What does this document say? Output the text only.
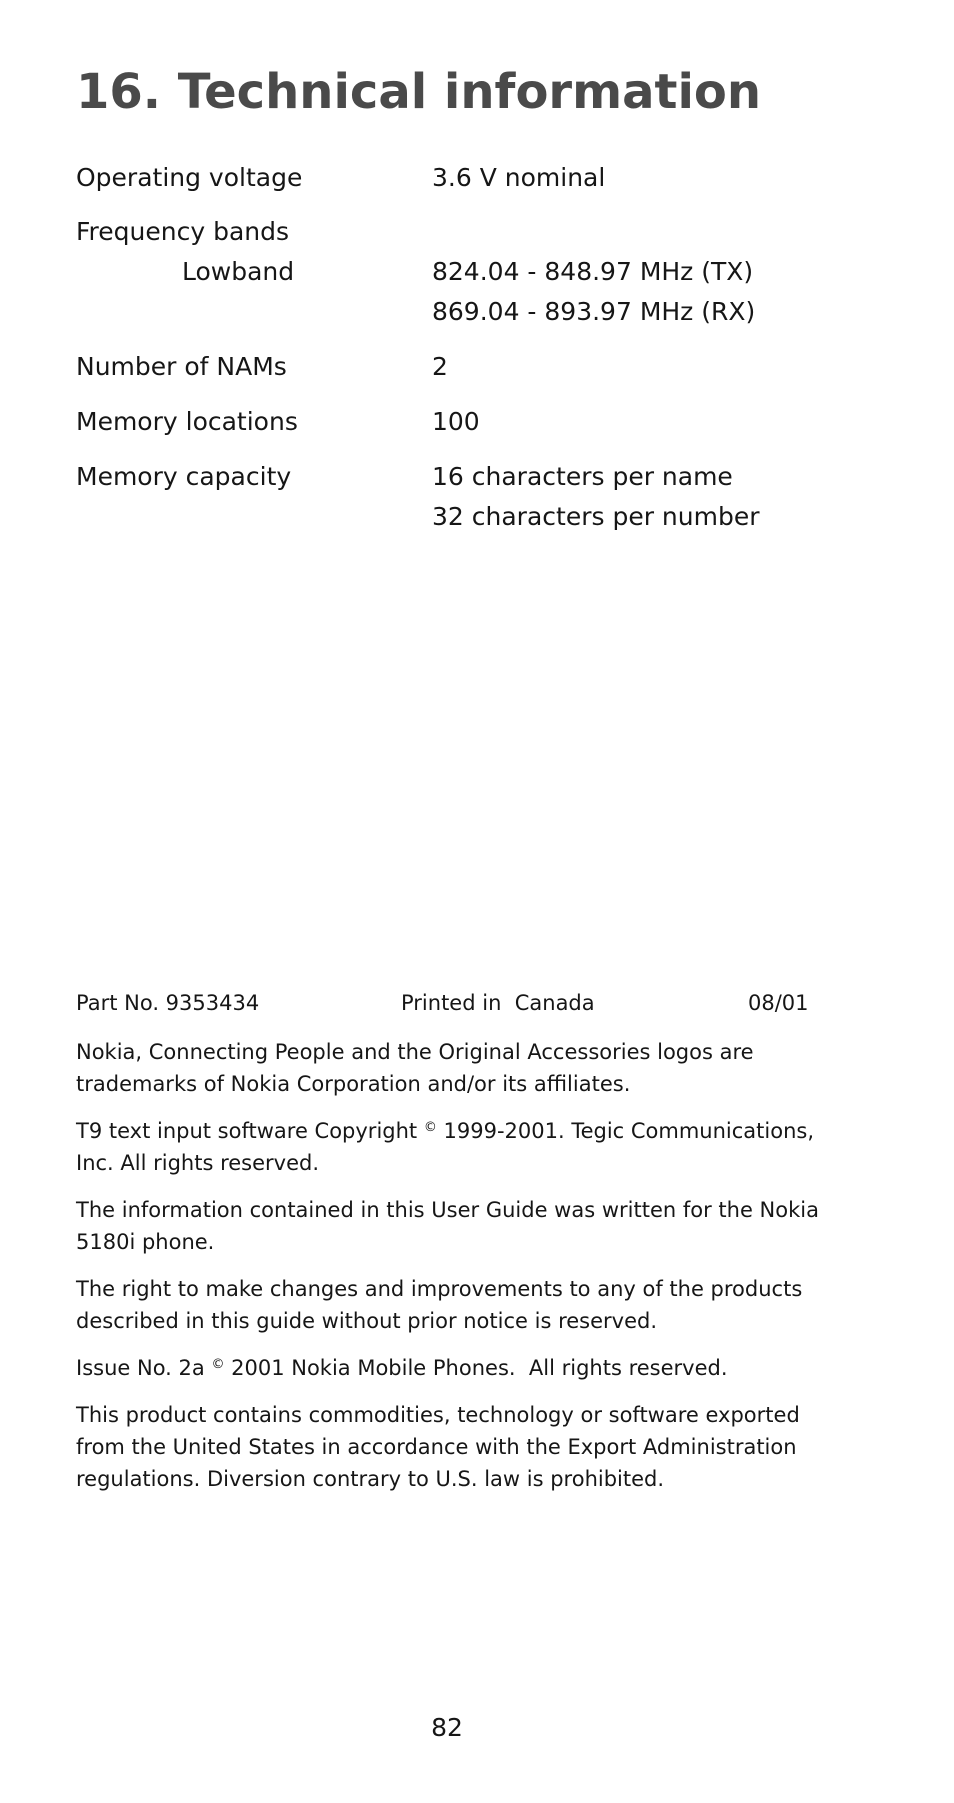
16. Technical information
Operating voltage	3.6 V nominal
Frequency bands
Lowband	824.04 - 848.97 MHz (TX)
869.04 - 893.97 MHz (RX)
Number of NAMs	2
Memory locations	100
Memory capacity	16 characters per name
32 characters per number
Part No. 9353434	Printed in  Canada	08/01

Nokia, Connecting People and the Original Accessories logos are trademarks of Nokia Corporation and/or its affiliates.

T9 text input software Copyright © 1999-2001. Tegic Communications, Inc. All rights reserved.

The information contained in this User Guide was written for the Nokia 5180i phone.

The right to make changes and improvements to any of the products described in this guide without prior notice is reserved.

Issue No. 2a © 2001 Nokia Mobile Phones.  All rights reserved.

This product contains commodities, technology or software exported from the United States in accordance with the Export Administration regulations. Diversion contrary to U.S. law is prohibited.

82
